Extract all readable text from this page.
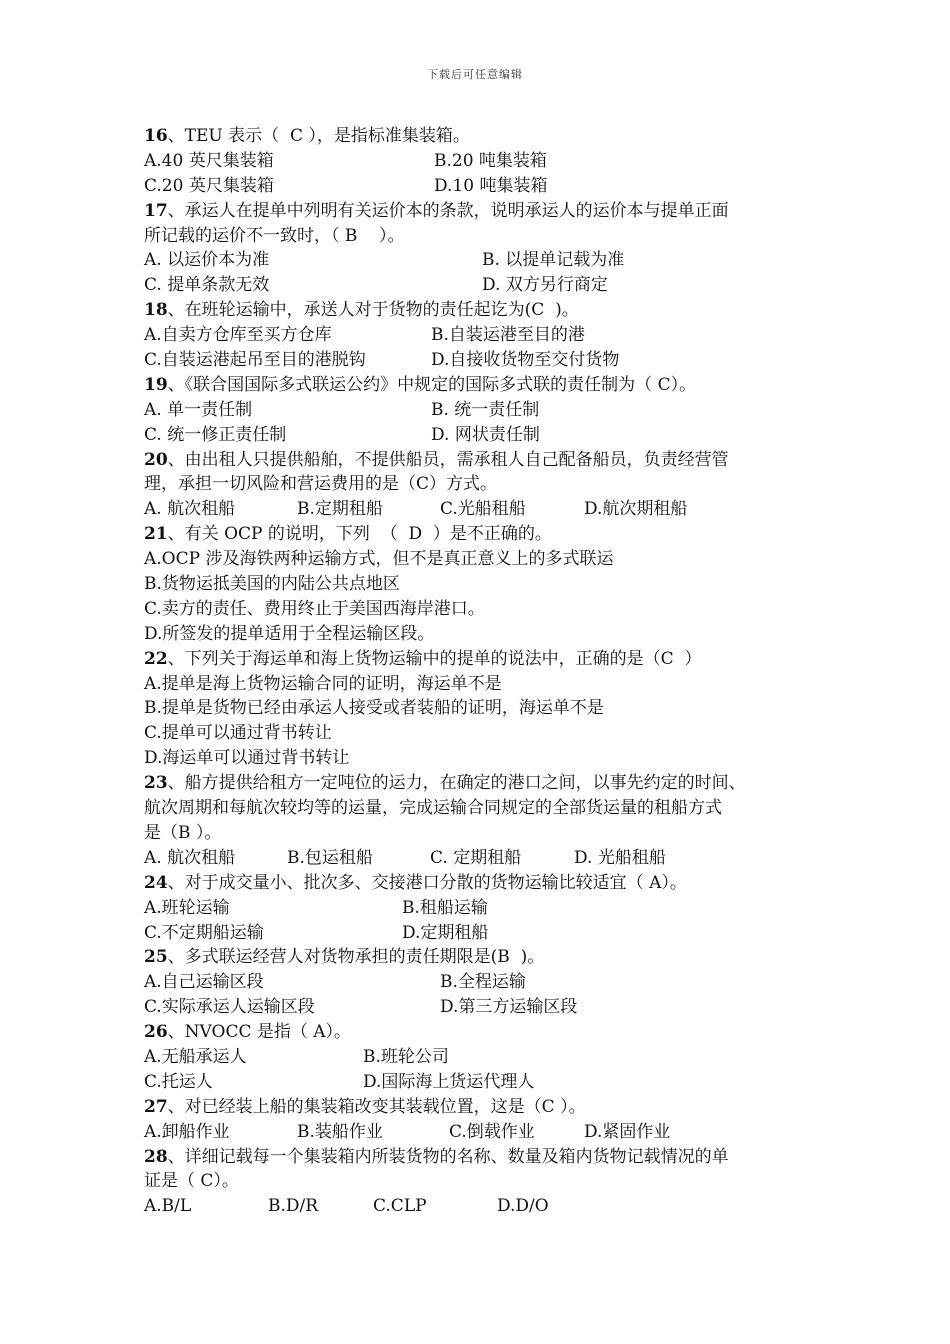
下载后可任意编辑
16、TEU 表示（  C ），是指标准集装箱。
A.40 英尺集装箱	B.20 吨集装箱
C.20 英尺集装箱	D.10 吨集装箱
17、承运人在提单中列明有关运价本的条款，说明承运人的运价本与提单正面
所记载的运价不一致时，（ B    ）。
A. 以运价本为准	B. 以提单记载为准
C. 提单条款无效	D. 双方另行商定
18、在班轮运输中，承送人对于货物的责任起讫为(C  )。
A.自卖方仓库至买方仓库	B.自装运港至目的港
C.自装运港起吊至目的港脱钩	D.自接收货物至交付货物
19、《联合国国际多式联运公约》中规定的国际多式联的责任制为（ C）。
A. 单一责任制	B. 统一责任制
C. 统一修正责任制	D. 网状责任制
20、由出租人只提供船舶，不提供船员，需承租人自己配备船员，负责经营管
理，承担一切风险和营运费用的是（C）方式。
A. 航次租船	B.定期租船	C.光船租船	D.航次期租船
21、有关 OCP 的说明，下列  （  D  ）是不正确的。
A.OCP 涉及海铁两种运输方式，但不是真正意义上的多式联运
B.货物运抵美国的内陆公共点地区
C.卖方的责任、费用终止于美国西海岸港口。
D.所签发的提单适用于全程运输区段。
22、下列关于海运单和海上货物运输中的提单的说法中，正确的是（C  ）
A.提单是海上货物运输合同的证明，海运单不是
B.提单是货物已经由承运人接受或者装船的证明，海运单不是
C.提单可以通过背书转让
D.海运单可以通过背书转让
23、船方提供给租方一定吨位的运力，在确定的港口之间，以事先约定的时间、
航次周期和每航次较均等的运量，完成运输合同规定的全部货运量的租船方式
是（B ）。
A. 航次租船	B.包运租船	C. 定期租船	D. 光船租船
24、对于成交量小、批次多、交接港口分散的货物运输比较适宜（ A）。
A.班轮运输	B.租船运输
C.不定期船运输	D.定期租船
25、多式联运经营人对货物承担的责任期限是(B  )。
A.自己运输区段	B.全程运输
C.实际承运人运输区段	D.第三方运输区段
26、NVOCC 是指（ A）。
A.无船承运人	B.班轮公司
C.托运人	D.国际海上货运代理人
27、对已经装上船的集装箱改变其装载位置，这是（C ）。
A.卸船作业	B.装船作业	C.倒载作业	D.紧固作业
28、详细记载每一个集装箱内所装货物的名称、数量及箱内货物记载情况的单
证是（ C）。
A.B/L	B.D/R	C.CLP	D.D/O
